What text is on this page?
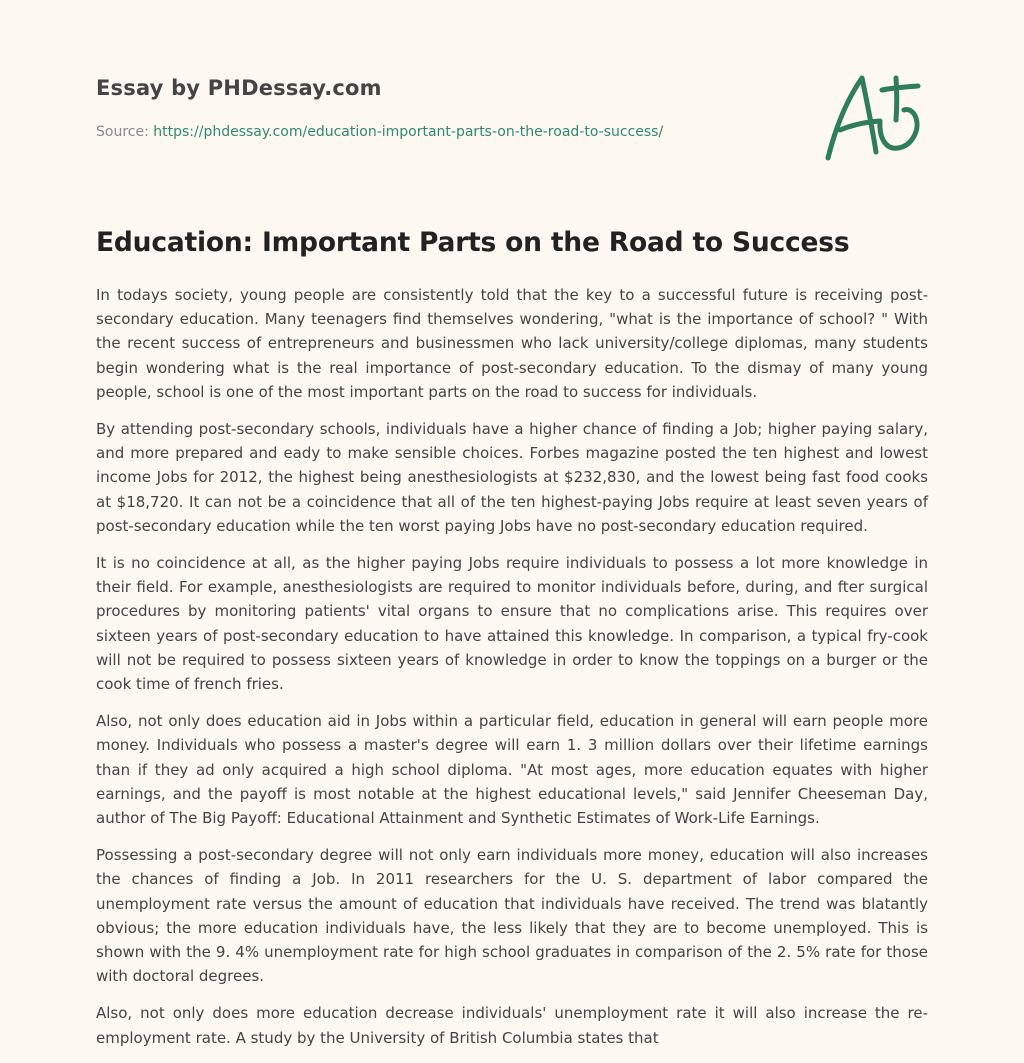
Essay by PHDessay.com
Source: https://phdessay.com/education-important-parts-on-the-road-to-success/
Education: Important Parts on the Road to Success

In todays society, young people are consistently told that the key to a successful future is receiving post-secondary education. Many teenagers find themselves wondering, "what is the importance of school? " With the recent success of entrepreneurs and businessmen who lack university/college diplomas, many students begin wondering what is the real importance of post-secondary education. To the dismay of many young people, school is one of the most important parts on the road to success for individuals.

By attending post-secondary schools, individuals have a higher chance of finding a Job; higher paying salary, and more prepared and eady to make sensible choices. Forbes magazine posted the ten highest and lowest income Jobs for 2012, the highest being anesthesiologists at $232,830, and the lowest being fast food cooks at $18,720. It can not be a coincidence that all of the ten highest-paying Jobs require at least seven years of post-secondary education while the ten worst paying Jobs have no post-secondary education required.

It is no coincidence at all, as the higher paying Jobs require individuals to possess a lot more knowledge in their field. For example, anesthesiologists are required to monitor individuals before, during, and fter surgical procedures by monitoring patients' vital organs to ensure that no complications arise. This requires over sixteen years of post-secondary education to have attained this knowledge. In comparison, a typical fry-cook will not be required to possess sixteen years of knowledge in order to know the toppings on a burger or the cook time of french fries.

Also, not only does education aid in Jobs within a particular field, education in general will earn people more money. Individuals who possess a master's degree will earn 1. 3 million dollars over their lifetime earnings than if they ad only acquired a high school diploma. "At most ages, more education equates with higher earnings, and the payoff is most notable at the highest educational levels," said Jennifer Cheeseman Day, author of The Big Payoff: Educational Attainment and Synthetic Estimates of Work-Life Earnings.

Possessing a post-secondary degree will not only earn individuals more money, education will also increases the chances of finding a Job. In 2011 researchers for the U. S. department of labor compared the unemployment rate versus the amount of education that individuals have received. The trend was blatantly obvious; the more education individuals have, the less likely that they are to become unemployed. This is shown with the 9. 4% unemployment rate for high school graduates in comparison of the 2. 5% rate for those with doctoral degrees.

Also, not only does more education decrease individuals' unemployment rate it will also increase the re-employment rate. A study by the University of British Columbia states that
